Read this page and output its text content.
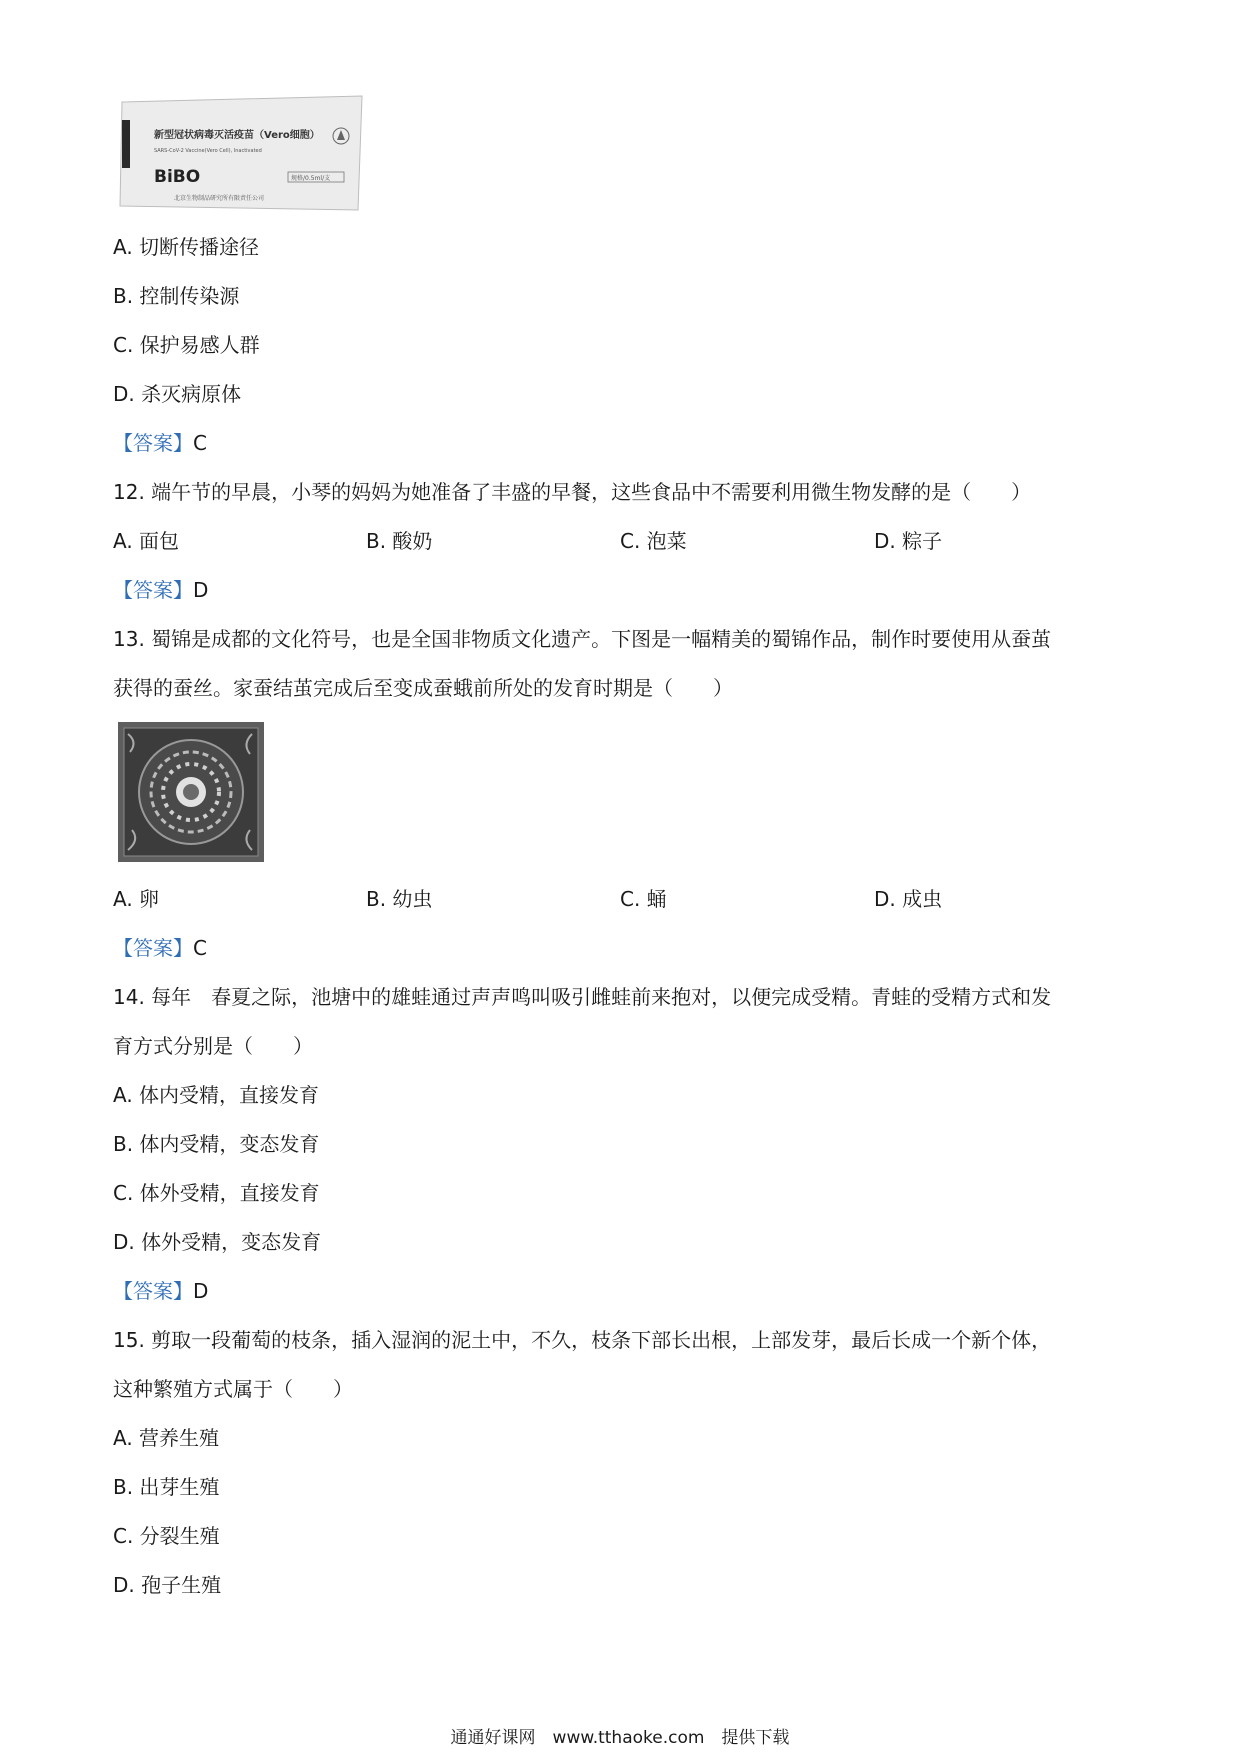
新型冠状病毒灭活疫苗（Vero细胞）
SARS-CoV-2 Vaccine(Vero Cell), Inactivated
BiBO	规格/0.5ml/支
北京生物制品研究所有限责任公司
A. 切断传播途径
B. 控制传染源
C. 保护易感人群
D. 杀灭病原体
【答案】C
12. 端午节的早晨，小琴的妈妈为她准备了丰盛的早餐，这些食品中不需要利用微生物发酵的是（　　）
A. 面包	B. 酸奶	C. 泡菜	D. 粽子
【答案】D
13. 蜀锦是成都的文化符号，也是全国非物质文化遗产。下图是一幅精美的蜀锦作品，制作时要使用从蚕茧
获得的蚕丝。家蚕结茧完成后至变成蚕蛾前所处的发育时期是（　　）
A. 卵	B. 幼虫	C. 蛹	D. 成虫
【答案】C
14. 每年　春夏之际，池塘中的雄蛙通过声声鸣叫吸引雌蛙前来抱对，以便完成受精。青蛙的受精方式和发
育方式分别是（　　）
A. 体内受精，直接发育
B. 体内受精，变态发育
C. 体外受精，直接发育
D. 体外受精，变态发育
【答案】D
15. 剪取一段葡萄的枝条，插入湿润的泥土中，不久，枝条下部长出根，上部发芽，最后长成一个新个体，
这种繁殖方式属于（　　）
A. 营养生殖
B. 出芽生殖
C. 分裂生殖
D. 孢子生殖
通通好课网　www.tthaoke.com　提供下载
